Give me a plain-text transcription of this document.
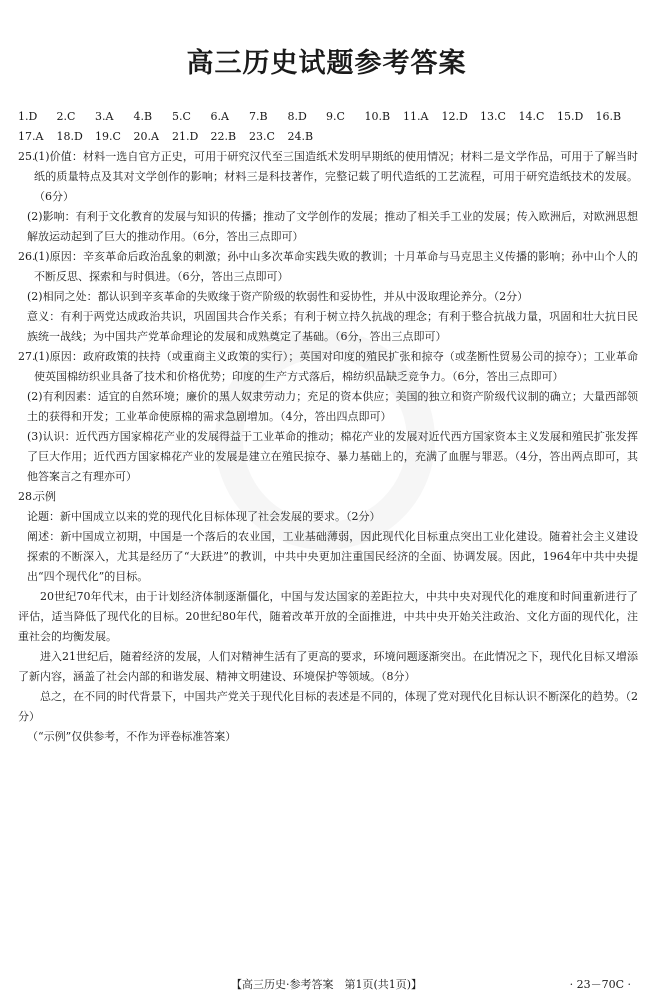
高三历史试题参考答案
1.D	2.C	3.A	4.B	5.C	6.A	7.B	8.D	9.C	10.B	11.A	12.D	13.C	14.C	15.D	16.B
17.A	18.D	19.C	20.A	21.D	22.B	23.C	24.B
25.

(1)价值：材料一选自官方正史，可用于研究汉代至三国造纸术发明早期纸的使用情况；材料二是文学作品，可用于了解当时纸的质量特点及其对文学创作的影响；材料三是科技著作，完整记载了明代造纸的工艺流程，可用于研究造纸技术的发展。（6分）

(2)影响：有利于文化教育的发展与知识的传播；推动了文学创作的发展；推动了相关手工业的发展；传入欧洲后，对欧洲思想解放运动起到了巨大的推动作用。（6分，答出三点即可）

26.

(1)原因：辛亥革命后政治乱象的刺激；孙中山多次革命实践失败的教训；十月革命与马克思主义传播的影响；孙中山个人的不断反思、探索和与时俱进。（6分，答出三点即可）

(2)相同之处：都认识到辛亥革命的失败缘于资产阶级的软弱性和妥协性，并从中汲取理论养分。（2分）

意义：有利于两党达成政治共识，巩固国共合作关系；有利于树立持久抗战的理念；有利于整合抗战力量，巩固和壮大抗日民族统一战线；为中国共产党革命理论的发展和成熟奠定了基础。（6分，答出三点即可）

27.

(1)原因：政府政策的扶持（或重商主义政策的实行）；英国对印度的殖民扩张和掠夺（或垄断性贸易公司的掠夺）；工业革命使英国棉纺织业具备了技术和价格优势；印度的生产方式落后，棉纺织品缺乏竞争力。（6分，答出三点即可）

(2)有利因素：适宜的自然环境；廉价的黑人奴隶劳动力；充足的资本供应；美国的独立和资产阶级代议制的确立；大量西部领土的获得和开发；工业革命使原棉的需求急剧增加。（4分，答出四点即可）

(3)认识：近代西方国家棉花产业的发展得益于工业革命的推动；棉花产业的发展对近代西方国家资本主义发展和殖民扩张发挥了巨大作用；近代西方国家棉花产业的发展是建立在殖民掠夺、暴力基础上的，充满了血腥与罪恶。（4分，答出两点即可，其他答案言之有理亦可）

28.

示例

论题：新中国成立以来的党的现代化目标体现了社会发展的要求。（2分）

阐述：新中国成立初期，中国是一个落后的农业国，工业基础薄弱，因此现代化目标重点突出工业化建设。随着社会主义建设探索的不断深入，尤其是经历了“大跃进”的教训，中共中央更加注重国民经济的全面、协调发展。因此，1964年中共中央提出“四个现代化”的目标。

20世纪70年代末，由于计划经济体制逐渐僵化，中国与发达国家的差距拉大，中共中央对现代化的难度和时间重新进行了评估，适当降低了现代化的目标。20世纪80年代，随着改革开放的全面推进，中共中央开始关注政治、文化方面的现代化，注重社会的均衡发展。

进入21世纪后，随着经济的发展，人们对精神生活有了更高的要求，环境问题逐渐突出。在此情况之下，现代化目标又增添了新内容，涵盖了社会内部的和谐发展、精神文明建设、环境保护等领域。（8分）

总之，在不同的时代背景下，中国共产党关于现代化目标的表述是不同的，体现了党对现代化目标认识不断深化的趋势。（2分）

（“示例”仅供参考，不作为评卷标准答案）

【高三历史·参考答案　第1页(共1页)】	· 23－70C ·
